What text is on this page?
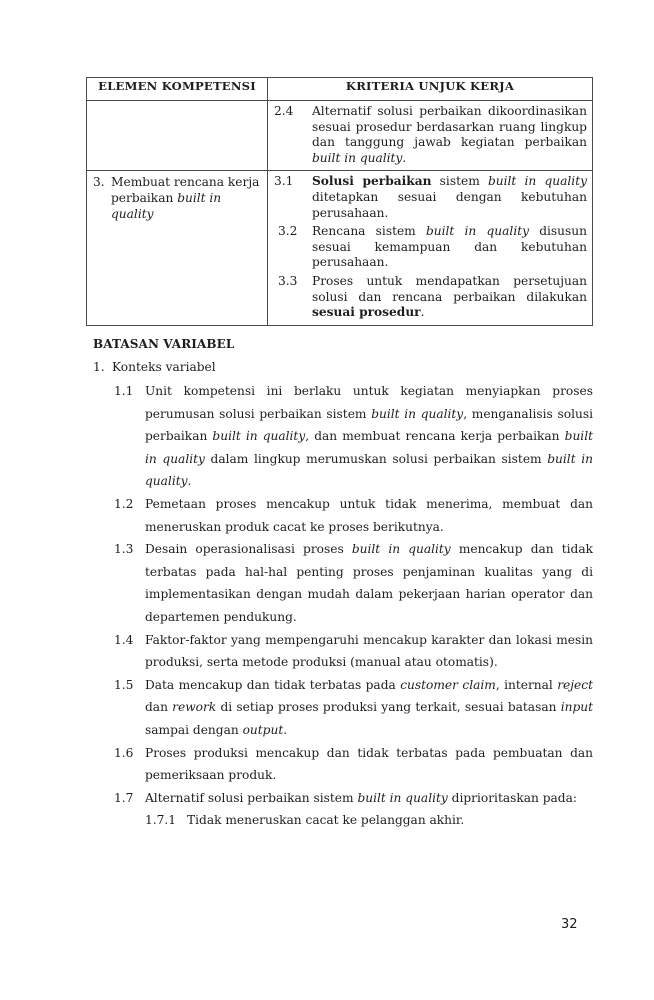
ELEMEN KOMPETENSI	KRITERIA UNJUK KERJA

	2.4 Alternatif solusi perbaikan dikoordinasikan sesuai prosedur berdasarkan ruang lingkup dan tanggung jawab kegiatan perbaikan built in quality.

3. Membuat rencana kerja perbaikan built in quality

3.1	Solusi perbaikan sistem built in quality ditetapkan sesuai dengan kebutuhan perusahaan.
3.2	Rencana sistem built in quality disusun sesuai kemampuan dan kebutuhan perusahaan.
3.3	Proses untuk mendapatkan persetujuan solusi dan rencana perbaikan dilakukan sesuai prosedur.
BATASAN VARIABEL
1. Konteks variabel
1.1 Unit kompetensi ini berlaku untuk kegiatan menyiapkan proses perumusan solusi perbaikan sistem built in quality, menganalisis solusi perbaikan built in quality, dan membuat rencana kerja perbaikan built in quality dalam lingkup merumuskan solusi perbaikan sistem built in quality.
1.2 Pemetaan proses mencakup untuk tidak menerima, membuat dan meneruskan produk cacat ke proses berikutnya.
1.3 Desain operasionalisasi proses built in quality mencakup dan tidak terbatas pada hal-hal penting proses penjaminan kualitas yang di implementasikan dengan mudah dalam pekerjaan harian operator dan departemen pendukung.
1.4 Faktor-faktor yang mempengaruhi mencakup karakter dan lokasi mesin produksi, serta metode produksi (manual atau otomatis).
1.5 Data mencakup dan tidak terbatas pada customer claim, internal reject dan rework di setiap proses produksi yang terkait, sesuai batasan input sampai dengan output.
1.6 Proses produksi mencakup dan tidak terbatas pada pembuatan dan pemeriksaan produk.
1.7 Alternatif solusi perbaikan sistem built in quality diprioritaskan pada:
1.7.1 Tidak meneruskan cacat ke pelanggan akhir.
32
